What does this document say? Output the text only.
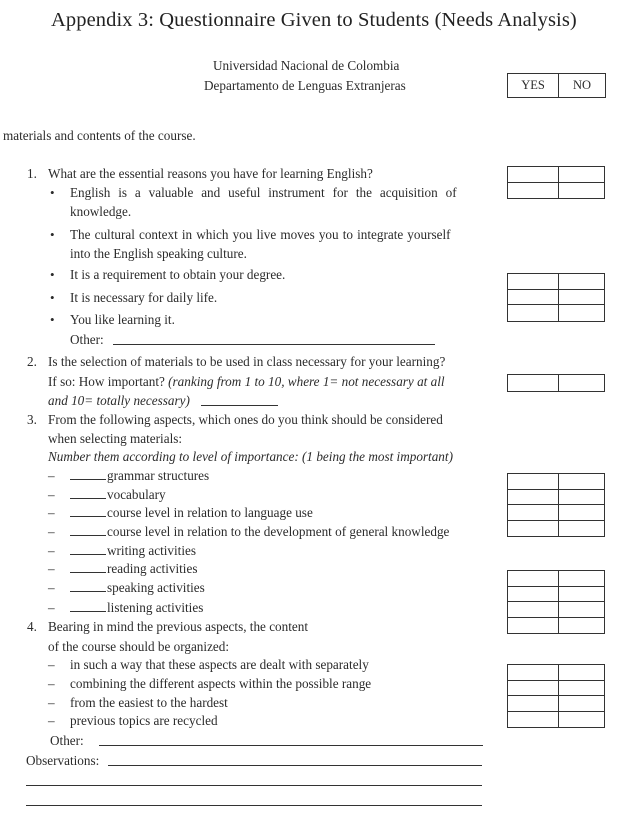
Appendix 3: Questionnaire Given to Students (Needs Analysis)
Universidad Nacional de Colombia
Departamento de Lenguas Extranjeras	YES	NO
materials and contents of the course.
1. What are the essential reasons you have for learning English?
• English is a valuable and useful instrument for the acquisition of
knowledge.
• The cultural context in which you live moves you to integrate yourself
into the English speaking culture.
• It is a requirement to obtain your degree.
• It is necessary for daily life.
• You like learning it.
Other:
2. Is the selection of materials to be used in class necessary for your learning?
If so: How important? (ranking from 1 to 10, where 1= not necessary at all
and 10= totally necessary)
3. From the following aspects, which ones do you think should be considered
when selecting materials:
Number them according to level of importance: (1 being the most important)
–	grammar structures
–	vocabulary
–	course level in relation to language use
–	course level in relation to the development of general knowledge
–	writing activities
–	reading activities
–	speaking activities
–	listening activities
4. Bearing in mind the previous aspects, the content
of the course should be organized:
– in such a way that these aspects are dealt with separately
– combining the different aspects within the possible range
– from the easiest to the hardest
– previous topics are recycled
Other:
Observations:
